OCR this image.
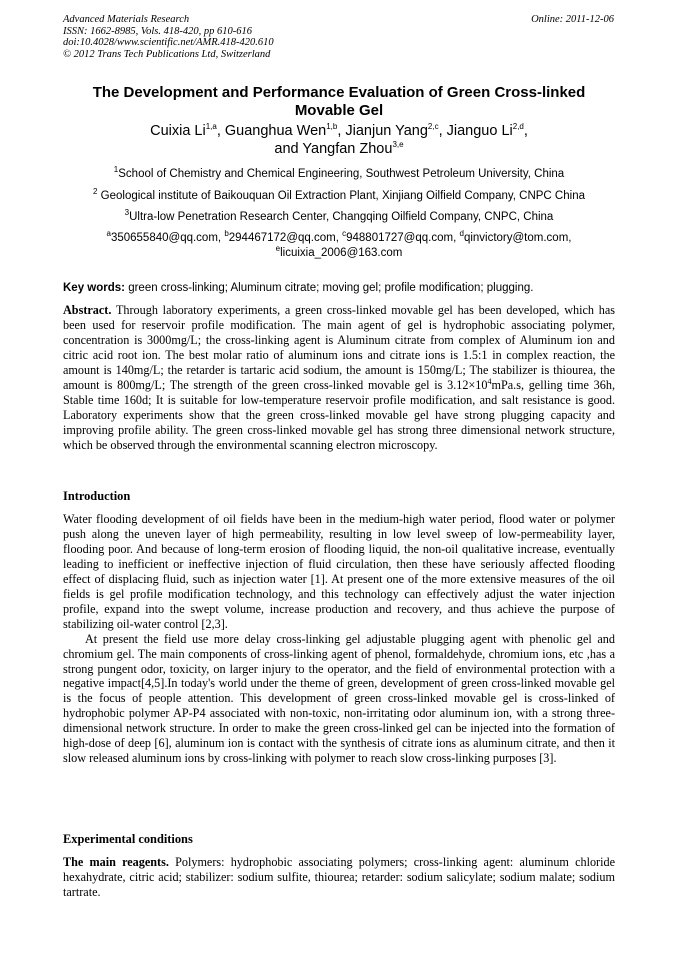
Advanced Materials Research
ISSN: 1662-8985, Vols. 418-420, pp 610-616
doi:10.4028/www.scientific.net/AMR.418-420.610
© 2012 Trans Tech Publications Ltd, Switzerland
Online: 2011-12-06
The Development and Performance Evaluation of Green Cross-linked Movable Gel
Cuixia Li$^{1,a}$, Guanghua Wen$^{1,b}$, Jianjun Yang$^{2,c}$, Jianguo Li$^{2,d}$,
and Yangfan Zhou$^{3,e}$
$^1$School of Chemistry and Chemical Engineering, Southwest Petroleum University, China
$^2$ Geological institute of Baikouquan Oil Extraction Plant, Xinjiang Oilfield Company, CNPC China
$^3$Ultra-low Penetration Research Center, Changqing Oilfield Company, CNPC, China
$^a$350655840@qq.com, $^b$294467172@qq.com, $^c$948801727@qq.com, $^d$qinvictory@tom.com,
$^e$licuixia_2006@163.com
Key words: green cross-linking; Aluminum citrate; moving gel; profile modification; plugging.

Abstract. Through laboratory experiments, a green cross-linked movable gel has been developed, which has been used for reservoir profile modification. The main agent of gel is hydrophobic associating polymer, concentration is 3000mg/L; the cross-linking agent is Aluminum citrate from complex of Aluminum ion and citric acid root ion. The best molar ratio of aluminum ions and citrate ions is 1.5:1 in complex reaction, the amount is 140mg/L; the retarder is tartaric acid sodium, the amount is 150mg/L; The stabilizer is thiourea, the amount is 800mg/L; The strength of the green cross-linked movable gel is $3.12\times 10^4mPa.s$, gelling time 36h, Stable time 160d; It is suitable for low-temperature reservoir profile modification, and salt resistance is good. Laboratory experiments show that the green cross-linked movable gel have strong plugging capacity and improving profile ability. The green cross-linked movable gel has strong three dimensional network structure, which be observed through the environmental scanning electron microscopy.

Introduction

Water flooding development of oil fields have been in the medium-high water period, flood water or polymer push along the uneven layer of high permeability, resulting in low level sweep of low-permeability layer, flooding poor. And because of long-term erosion of flooding liquid, the non-oil qualitative increase, eventually leading to inefficient or ineffective injection of fluid circulation, then these have seriously affected flooding effect of displacing fluid, such as injection water [1]. At present one of the more extensive measures of the oil fields is gel profile modification technology, and this technology can effectively adjust the water injection profile, expand into the swept volume, increase production and recovery, and thus achieve the purpose of stabilizing oil-water control [2,3].

At present the field use more delay cross-linking gel adjustable plugging agent with phenolic gel and chromium gel. The main components of cross-linking agent of phenol, formaldehyde, chromium ions, etc ,has a strong pungent odor, toxicity, on larger injury to the operator, and the field of environmental protection with a negative impact[4,5].In today's world under the theme of green, development of green cross-linked movable gel is the focus of people attention. This development of green cross-linked movable gel is cross-linked of hydrophobic polymer AP-P4 associated with non-toxic, non-irritating odor aluminum ion, with a strong three-dimensional network structure. In order to make the green cross-linked gel can be injected into the formation of high-dose of deep [6], aluminum ion is contact with the synthesis of citrate ions as aluminum citrate, and then it slow released aluminum ions by cross-linking with polymer to reach slow cross-linking purposes [3].

Experimental conditions

The main reagents. Polymers: hydrophobic associating polymers; cross-linking agent: aluminum chloride hexahydrate, citric acid; stabilizer: sodium sulfite, thiourea; retarder: sodium salicylate; sodium malate; sodium tartrate.
